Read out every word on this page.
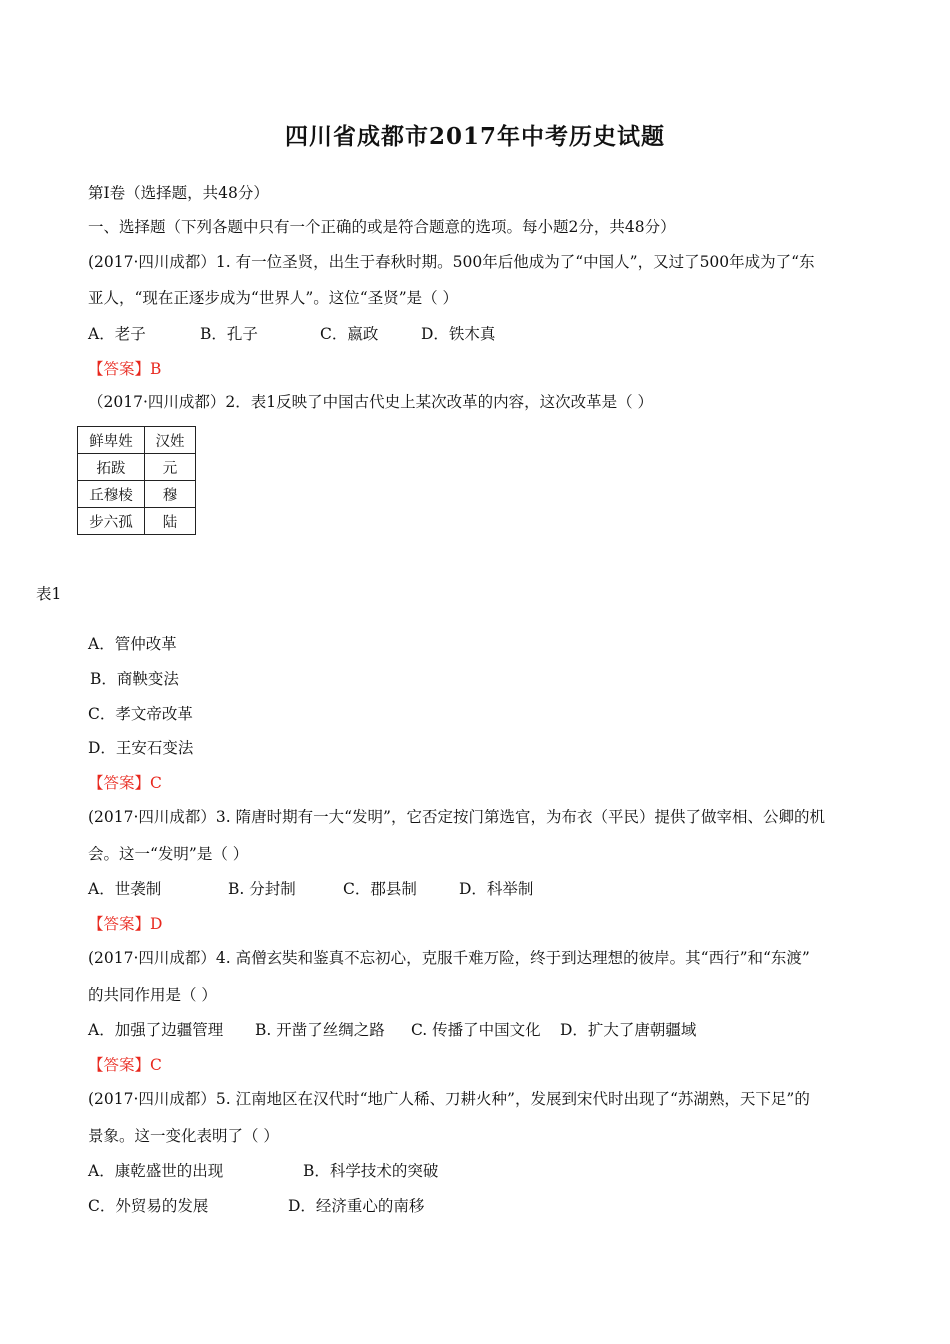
四川省成都市2017年中考历史试题
第I卷（选择题，共48分）
一、选择题（下列各题中只有一个正确的或是符合题意的选项。每小题2分，共48分）
(2017·四川成都）1. 有一位圣贤，出生于春秋时期。500年后他成为了“中国人”，又过了500年成为了“东
亚人，“现在正逐步成为“世界人”。这位“圣贤”是（ ）
A．老子	B．孔子	C．嬴政	D．铁木真
【答案】B
（2017·四川成都）2．表1反映了中国古代史上某次改革的内容，这次改革是（ ）
鲜卑姓	汉姓
拓跋	元
丘穆棱	穆
步六孤	陆
表1
A．管仲改革
B．商鞅变法
C．孝文帝改革
D．王安石变法
【答案】C
(2017·四川成都）3. 隋唐时期有一大“发明”，它否定按门第选官，为布衣（平民）提供了做宰相、公卿的机
会。这一“发明”是（ ）
A．世袭制	B. 分封制	C．郡县制	D．科举制
【答案】D
(2017·四川成都）4. 高僧玄奘和鉴真不忘初心，克服千难万险，终于到达理想的彼岸。其“西行”和“东渡”
的共同作用是（ ）
A．加强了边疆管理 B. 开凿了丝绸之路 C. 传播了中国文化 D．扩大了唐朝疆域
【答案】C
(2017·四川成都）5. 江南地区在汉代时“地广人稀、刀耕火种”，发展到宋代时出现了“苏湖熟，天下足”的
景象。这一变化表明了（ ）
A．康乾盛世的出现	B．科学技术的突破
C．外贸易的发展	D．经济重心的南移
